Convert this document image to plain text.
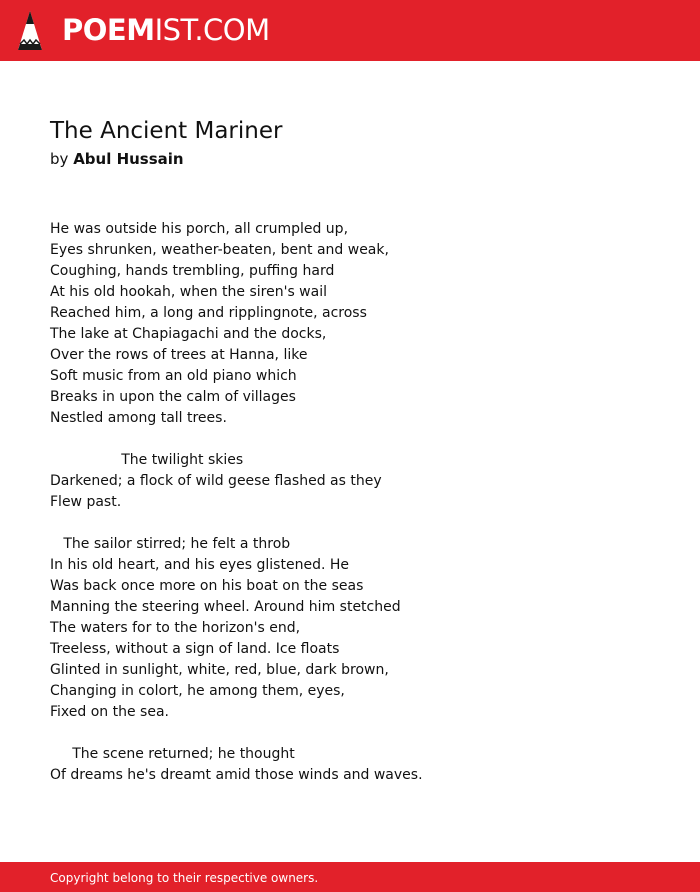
POEMIST.COM
The Ancient Mariner
by Abul Hussain
He was outside his porch, all crumpled up,
Eyes shrunken, weather-beaten, bent and weak,
Coughing, hands trembling, puffing hard
At his old hookah, when the siren's wail
Reached him, a long and ripplingnote, across
The lake at Chapiagachi and the docks,
Over the rows of trees at Hanna, like
Soft music from an old piano which
Breaks in upon the calm of villages
Nestled among tall trees.
The twilight skies
Darkened; a flock of wild geese flashed as they
Flew past.
The sailor stirred; he felt a throb
In his old heart, and his eyes glistened. He
Was back once more on his boat on the seas
Manning the steering wheel. Around him stetched
The waters for to the horizon's end,
Treeless, without a sign of land. Ice floats
Glinted in sunlight, white, red, blue, dark brown,
Changing in colort, he among them, eyes,
Fixed on the sea.
The scene returned; he thought
Of dreams he's dreamt amid those winds and waves.
Copyright belong to their respective owners.
